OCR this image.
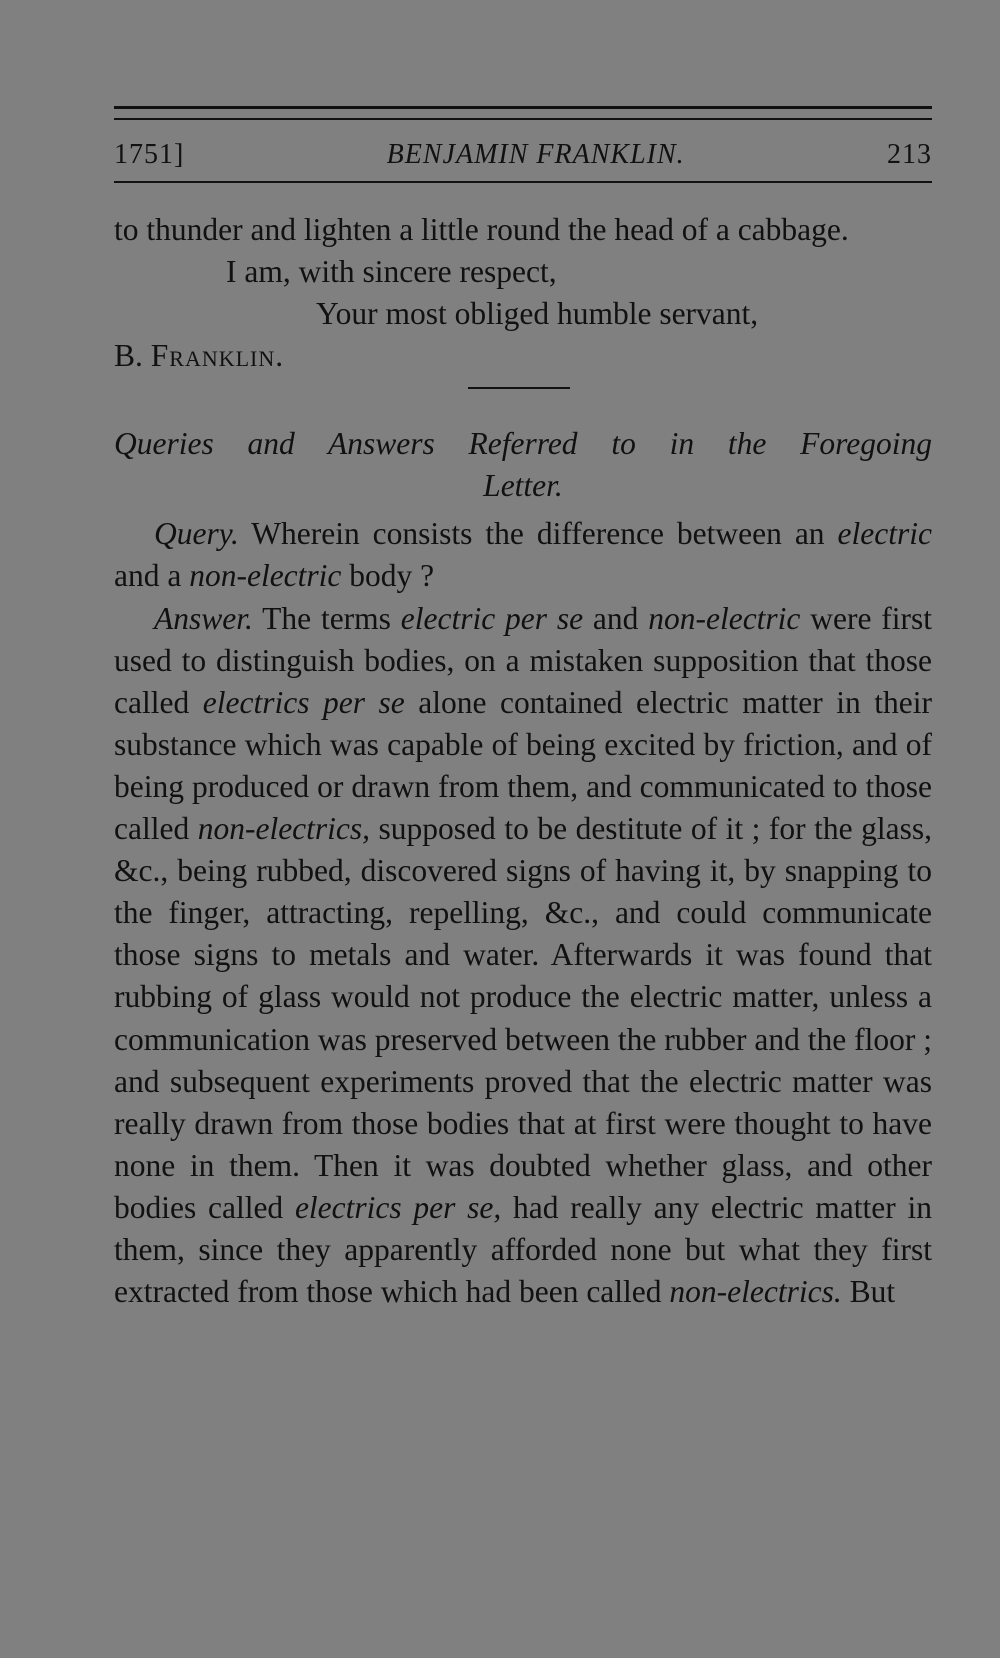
1751]	BENJAMIN FRANKLIN.	213

to thunder and lighten a little round the head of a cabbage.

I am, with sincere respect,

Your most obliged humble servant,

B. Franklin.

Queries and Answers Referred to in the Foregoing
Letter.

Query. Wherein consists the difference between an electric and a non-electric body ?

Answer. The terms electric per se and non-electric were first used to distinguish bodies, on a mistaken supposition that those called electrics per se alone contained electric matter in their substance which was capable of being excited by friction, and of being produced or drawn from them, and communicated to those called non-electrics, supposed to be destitute of it ; for the glass, &c., being rubbed, discovered signs of having it, by snapping to the finger, attracting, repelling, &c., and could communicate those signs to metals and water. Afterwards it was found that rubbing of glass would not produce the electric matter, unless a communication was preserved between the rubber and the floor ; and subsequent experiments proved that the electric matter was really drawn from those bodies that at first were thought to have none in them. Then it was doubted whether glass, and other bodies called electrics per se, had really any electric matter in them, since they apparently afforded none but what they first extracted from those which had been called non-electrics. But
